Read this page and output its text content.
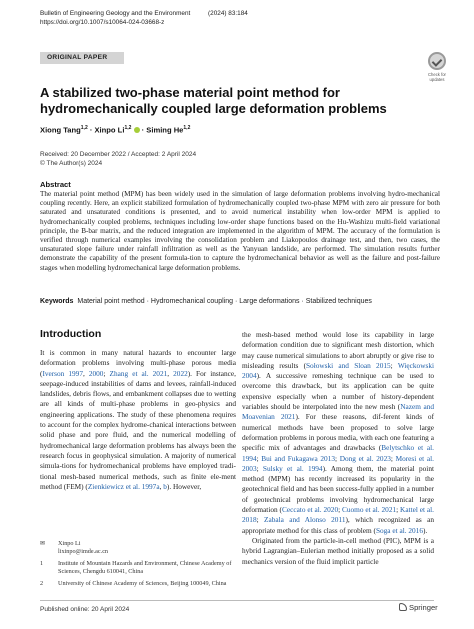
Bulletin of Engineering Geology and the Environment          (2024) 83:184
https://doi.org/10.1007/s10064-024-03668-z
ORIGINAL PAPER
Check for updates
A stabilized two-phase material point method for hydromechanically coupled large deformation problems
Xiong Tang$^{1,2}$ · Xinpo Li$^{1,2}$  · Siming He$^{1,2}$
Received: 20 December 2022 / Accepted: 2 April 2024
© The Author(s) 2024
Abstract
The material point method (MPM) has been widely used in the simulation of large deformation problems involving hydro-mechanical coupling recently. Here, an explicit stabilized formulation of hydromechanically coupled two-phase MPM with zero air pressure for both saturated and unsaturated conditions is presented, and to avoid numerical instability when low-order MPM is applied to hydromechanically coupled problems, techniques including low-order shape functions based on the Hu-Washizu multi-field variational principle, the B-bar matrix, and the reduced integration are implemented in the algorithm of MPM. The accuracy of the formulation is verified through numerical examples involving the consolidation problem and Liakopoulos drainage test, and then, two cases, the unsaturated slope failure under rainfall infiltration as well as the Yanyuan landslide, are performed. The simulation results further demonstrate the capability of the present formula-tion to capture the hydromechanical behavior as well as the failure and post-failure stages when modelling hydromechanical large deformation problems.
Keywords Material point method · Hydromechanical coupling · Large deformations · Stabilized techniques
Introduction
It is common in many natural hazards to encounter large deformation problems involving multi-phase porous media (Iverson 1997, 2000; Zhang et al. 2021, 2022). For instance, seepage-induced instabilities of dams and levees, rainfall-induced landslides, debris flows, and embankment collapses due to wetting are all kinds of multi-phase problems in geo-physics and engineering applications. The study of these phenomena requires to account for the complex hydrome-chanical interactions between solid phase and pore fluid, and the numerical modelling of hydromechanical large deformation problems has always been the research focus in geophysical simulation. A majority of numerical simula-tions for hydromechanical problems have employed tradi-tional mesh-based numerical methods, such as finite ele-ment method (FEM) (Zienkiewicz et al. 1997a, b). However,
the mesh-based method would lose its capability in large deformation condition due to significant mesh distortion, which may cause numerical simulations to abort abruptly or give rise to misleading results (Sołowski and Sloan 2015; Więckowski 2004). A successive remeshing technique can be used to overcome this drawback, but its application can be quite expensive especially when a number of history-dependent variables should be interpolated into the new mesh (Nazem and Moavenian 2021). For these reasons, dif-ferent kinds of numerical methods have been proposed to solve large deformation problems in porous media, with each one featuring a specific mix of advantages and drawbacks (Belytschko et al. 1994; Bui and Fukagawa 2013; Dong et al. 2023; Moresi et al. 2003; Sulsky et al. 1994). Among them, the material point method (MPM) has recently increased its popularity in the geotechnical field and has been success-fully applied in a number of geotechnical problems involving hydromechanical large deformation (Ceccato et al. 2020; Cuomo et al. 2021; Kattel et al. 2018; Zabala and Alonso 2011), which recognized as an appropriate method for this class of problem (Soga et al. 2016).
Originated from the particle-in-cell method (PIC), MPM is a hybrid Lagrangian–Eulerian method initially proposed as a solid mechanics version of the fluid implicit particle
✉	Xinpo Li
lixinpo@imde.ac.cn
1	Institute of Mountain Hazards and Environment, Chinese Academy of Sciences, Chengdu 610041, China
2	University of Chinese Academy of Sciences, Beijing 100049, China
Published online: 20 April 2024	Springer
